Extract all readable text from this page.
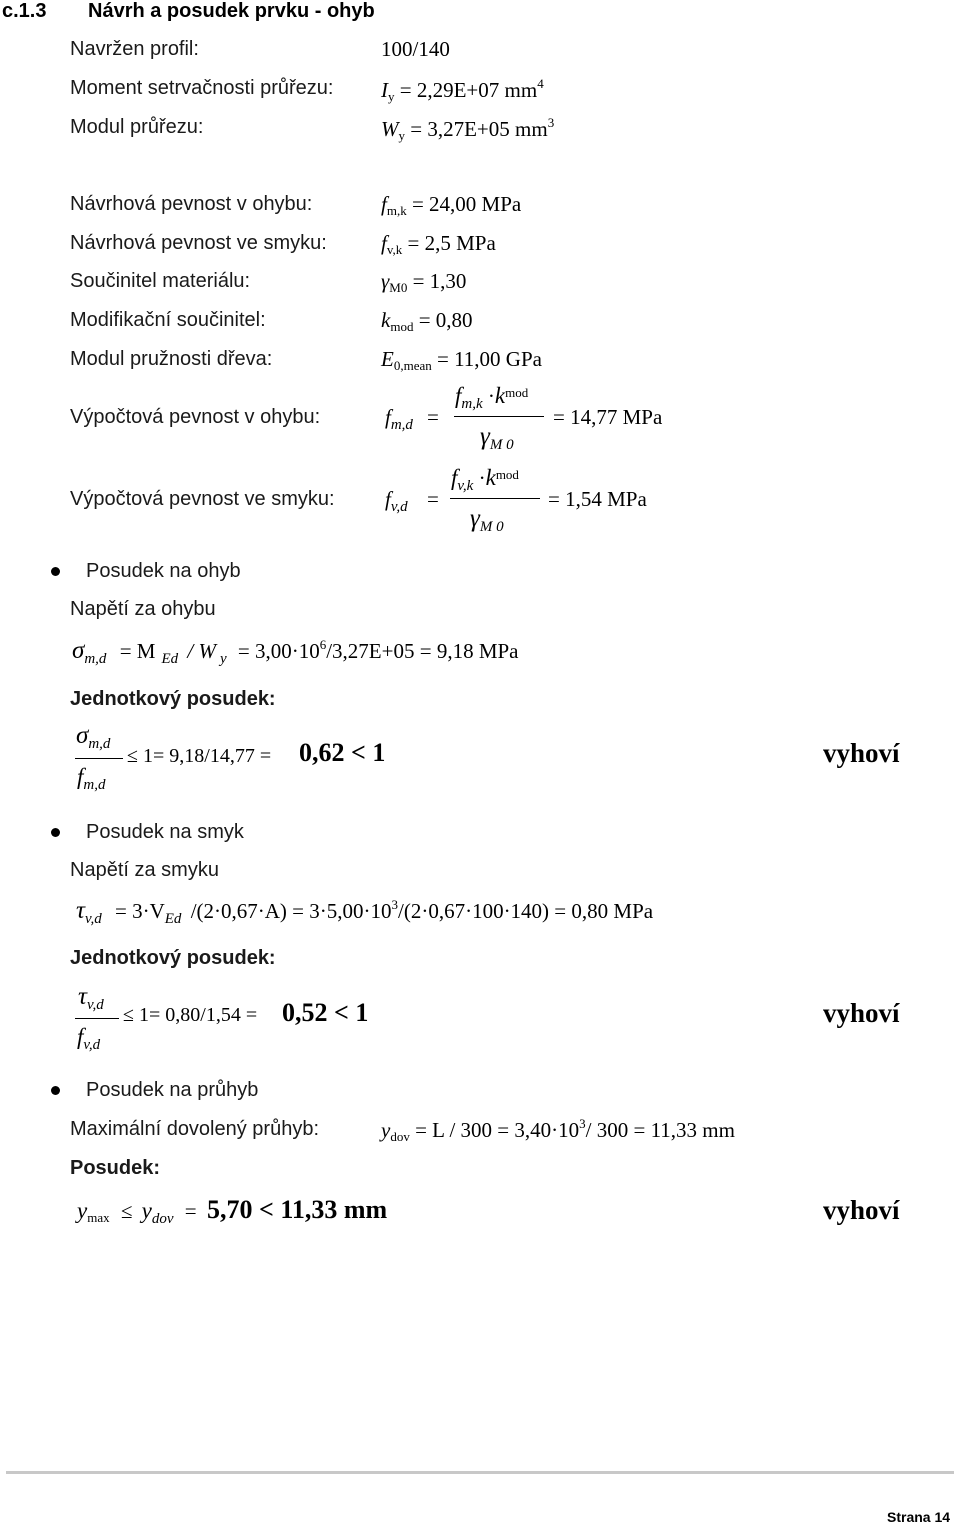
c.1.3 Návrh a posudek prvku - ohyb
Navržen profil:	100/140
Moment setrvačnosti průřezu: $I_y = 2,29E+07$ $mm^4$
Modul průřezu:	$W_y = 3,27E+05$ $mm^3$
Návrhová pevnost v ohybu:	$f_{m,k} = 24,00$ MPa
Návrhová pevnost ve smyku:	$f_{v,k} = 2,5$ MPa
Součinitel materiálu:	$\gamma_{M0} = 1,30$
Modifikační součinitel:	$k_{mod} = 0,80$
Modul pružnosti dřeva:	$E_{0,mean} = 11,00$ GPa
Výpočtová pevnost v ohybu:	$f_{m,d}$ =
$f_{m,k} \cdot k^{mod}$
$\gamma_{M 0}$
= 14,77 MPa
Výpočtová pevnost ve smyku: $f_{v,d}$ =
$f_{v,k} \cdot k^{mod}$
$\gamma_{M 0}$
= 1,54 MPa
Posudek na ohyb
Napětí za ohybu
$\sigma_{m,d} = M$ $_{Ed}$ / W $_y = 3,00\cdot 10^6/3,27E+05 = 9,18$ MPa
Jednotkový posudek:
$\sigma_{m,d}$
$f_{m,d}$
≤ 1= 9,18/14,77 = 0,62 < 1	vyhoví
Posudek na smyk
Napětí za smyku
$\tau_{v,d} = 3\cdot V_{Ed}$ $/(2\cdot 0,67\cdot A) = 3\cdot 5,00\cdot 10^3/(2\cdot 0,67\cdot 100\cdot 140) = 0,80$ MPa
Jednotkový posudek:
$\tau_{v,d}$
$f_{v,d}$
≤ 1= 0,80/1,54 = 0,52 < 1	vyhoví
Posudek na průhyb
Maximální dovolený průhyb:	$y_{dov} = L / 300 = 3,40\cdot 10^3/$ 300 = 11,33 mm
Posudek:
$y_{max} \le y_{dov} = 5,70 < 11,33$ mm	vyhoví
Strana 14
